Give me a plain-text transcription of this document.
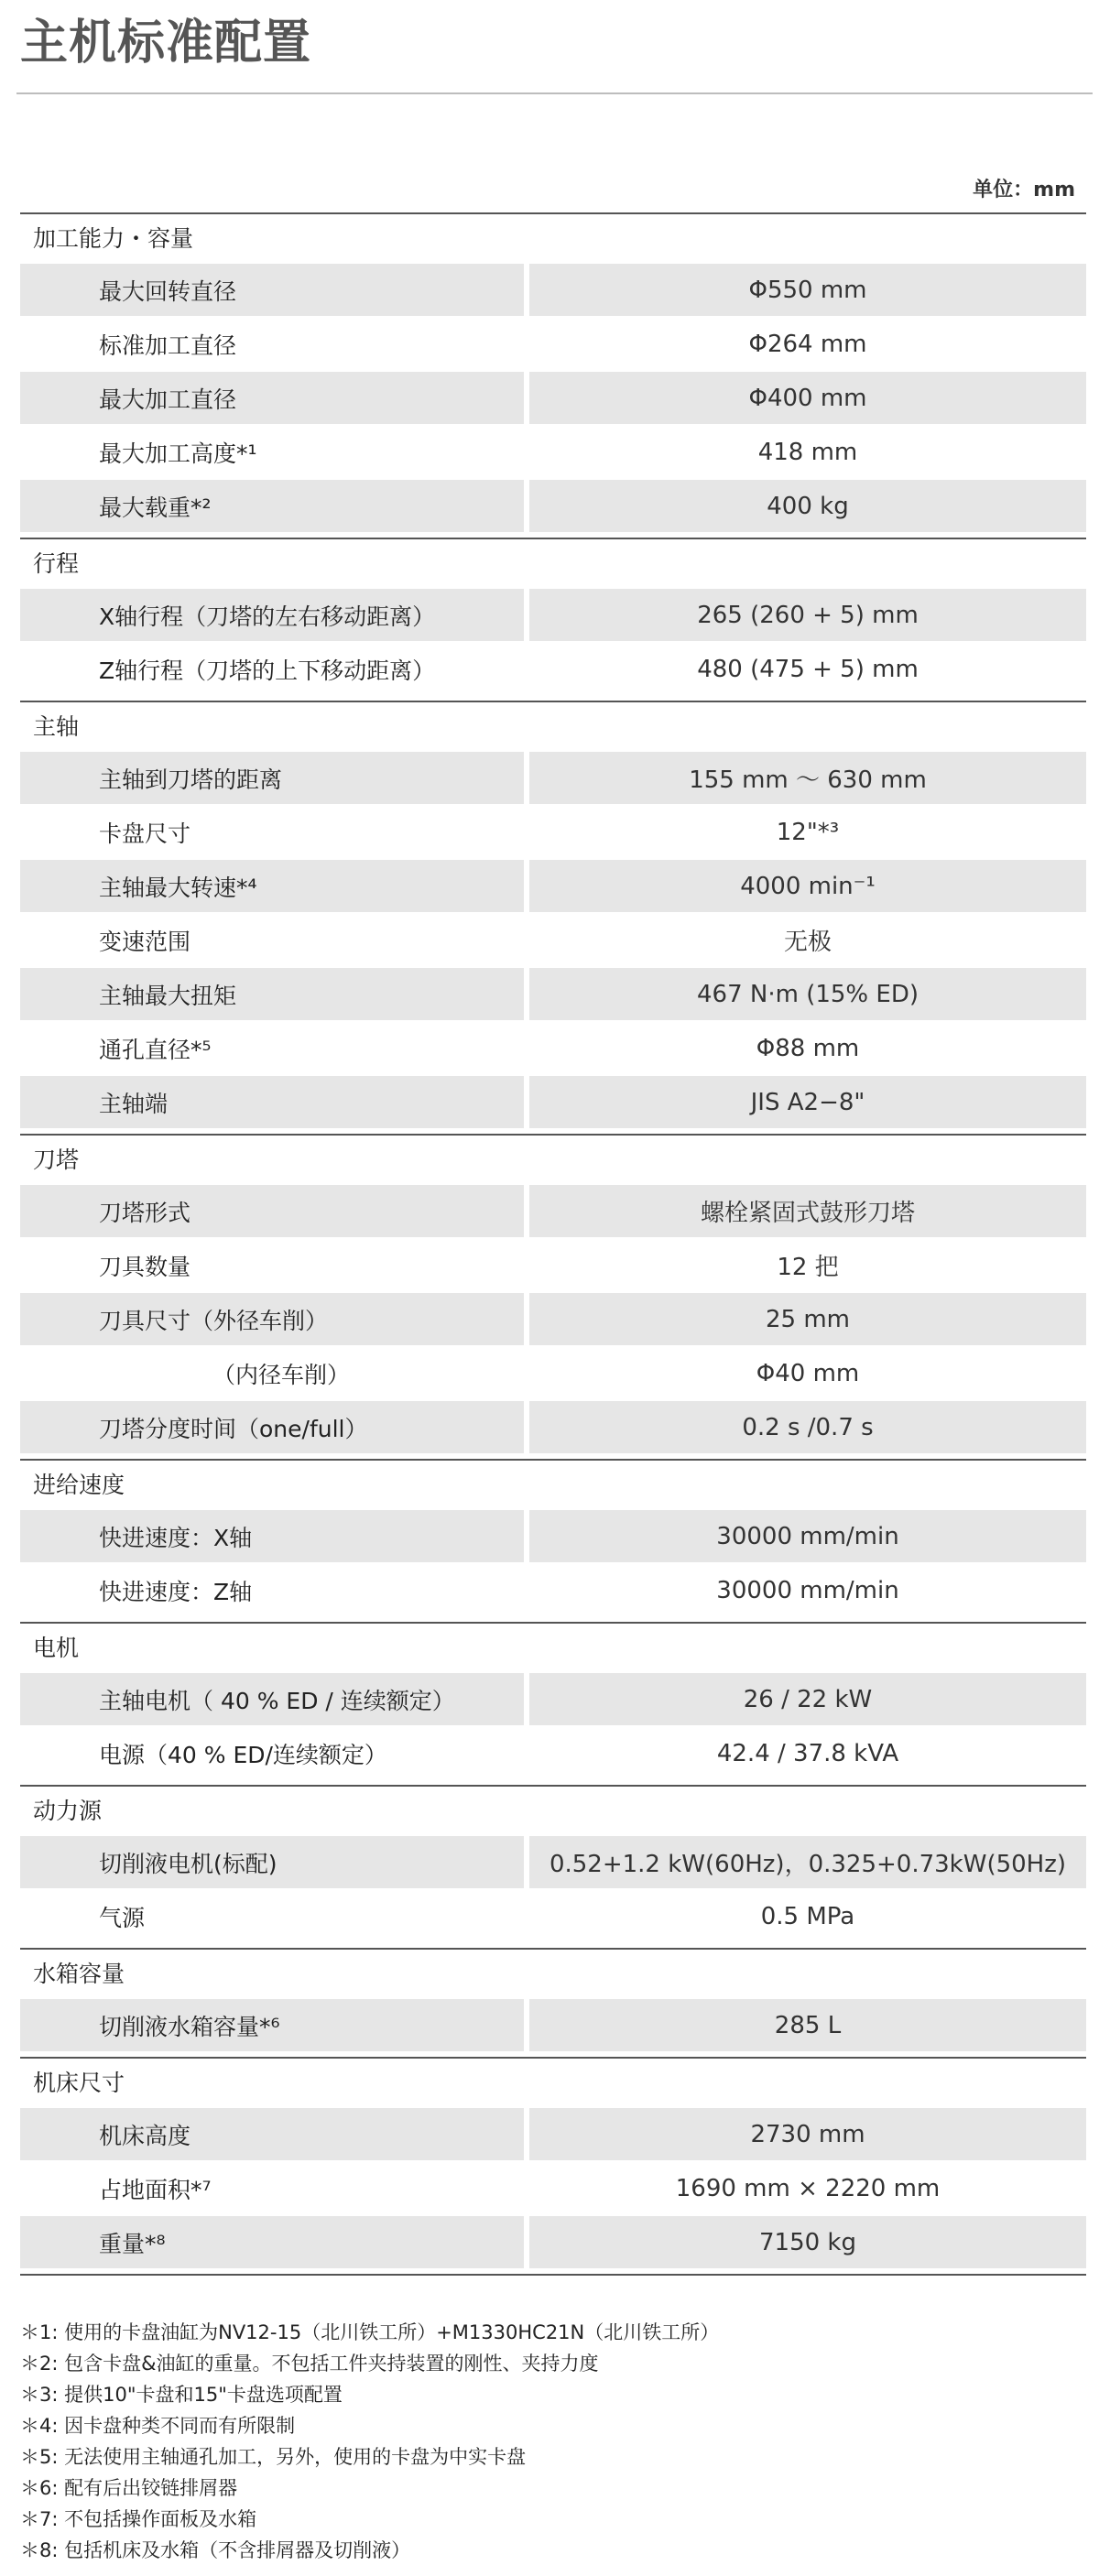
主机标准配置
单位：mm
加工能力・容量
最大回转直径	Φ550 mm
标准加工直径	Φ264 mm
最大加工直径	Φ400 mm
最大加工高度*¹	418 mm
最大载重*²	400 kg
行程
X轴行程（刀塔的左右移动距离）	265 (260 + 5) mm
Z轴行程（刀塔的上下移动距离）	480 (475 + 5) mm
主轴
主轴到刀塔的距离	155 mm ～ 630 mm
卡盘尺寸	12"*³
主轴最大转速*⁴	4000 min⁻¹
变速范围	无极
主轴最大扭矩	467 N·m (15% ED)
通孔直径*⁵	Φ88 mm
主轴端	JIS A2−8"
刀塔
刀塔形式	螺栓紧固式鼓形刀塔
刀具数量	12 把
刀具尺寸（外径车削）	25 mm
（内径车削）	Φ40 mm
刀塔分度时间（one/full）	0.2 s /0.7 s
进给速度
快进速度：X轴	30000 mm/min
快进速度：Z轴	30000 mm/min
电机
主轴电机（ 40 % ED / 连续额定）	26 / 22 kW
电源（40 % ED/连续额定）	42.4 / 37.8 kVA
动力源
切削液电机(标配)	0.52+1.2 kW(60Hz)，0.325+0.73kW(50Hz)
气源	0.5 MPa
水箱容量
切削液水箱容量*⁶	285 L
机床尺寸
机床高度	2730 mm
占地面积*⁷	1690 mm × 2220 mm
重量*⁸	7150 kg
＊1: 使用的卡盘油缸为NV12-15（北川铁工所）+M1330HC21N（北川铁工所）
＊2: 包含卡盘&油缸的重量。不包括工件夹持装置的刚性、夹持力度
＊3: 提供10"卡盘和15"卡盘选项配置
＊4: 因卡盘种类不同而有所限制
＊5: 无法使用主轴通孔加工，另外，使用的卡盘为中实卡盘
＊6: 配有后出铰链排屑器
＊7: 不包括操作面板及水箱
＊8: 包括机床及水箱（不含排屑器及切削液）
